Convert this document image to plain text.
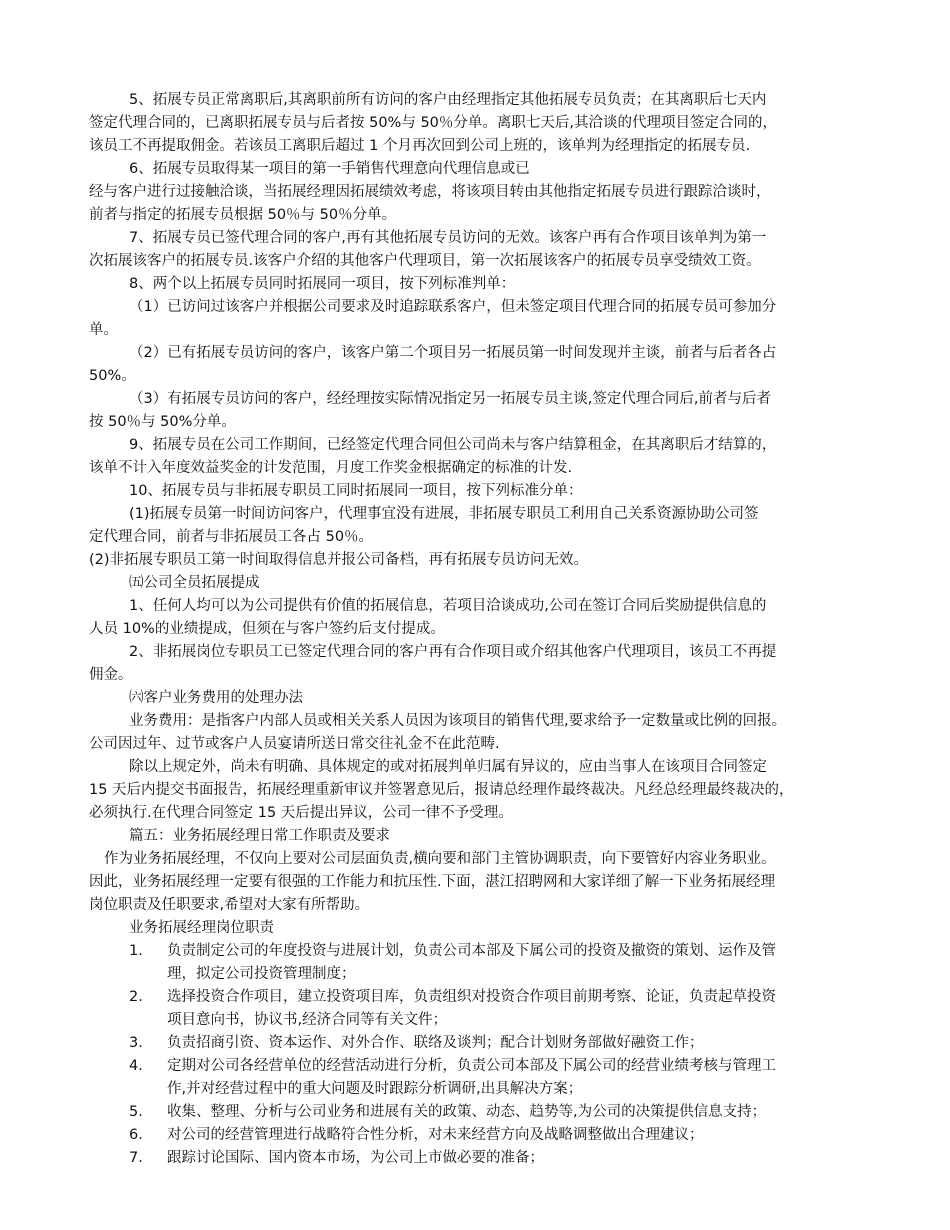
5、拓展专员正常离职后,其离职前所有访问的客户由经理指定其他拓展专员负责；在其离职后七天内
签定代理合同的，已离职拓展专员与后者按 50%与 50％分单。离职七天后,其洽谈的代理项目签定合同的，
该员工不再提取佣金。若该员工离职后超过 1 个月再次回到公司上班的，该单判为经理指定的拓展专员.
6、拓展专员取得某一项目的第一手销售代理意向代理信息或已
经与客户进行过接触洽谈，当拓展经理因拓展绩效考虑，将该项目转由其他指定拓展专员进行跟踪洽谈时，
前者与指定的拓展专员根据 50％与 50％分单。
7、拓展专员已签代理合同的客户,再有其他拓展专员访问的无效。该客户再有合作项目该单判为第一
次拓展该客户的拓展专员.该客户介绍的其他客户代理项目，第一次拓展该客户的拓展专员享受绩效工资。
8、两个以上拓展专员同时拓展同一项目，按下列标准判单：
（1）已访问过该客户并根据公司要求及时追踪联系客户，但未签定项目代理合同的拓展专员可参加分
单。
（2）已有拓展专员访问的客户，该客户第二个项目另一拓展员第一时间发现并主谈，前者与后者各占
50%。
（3）有拓展专员访问的客户，经经理按实际情况指定另一拓展专员主谈,签定代理合同后,前者与后者
按 50％与 50%分单。
9、拓展专员在公司工作期间，已经签定代理合同但公司尚未与客户结算租金，在其离职后才结算的，
该单不计入年度效益奖金的计发范围，月度工作奖金根据确定的标准的计发.
10、拓展专员与非拓展专职员工同时拓展同一项目，按下列标准分单：
(1)拓展专员第一时间访问客户，代理事宜没有进展，非拓展专职员工利用自己关系资源协助公司签
定代理合同，前者与非拓展员工各占 50％。
(2)非拓展专职员工第一时间取得信息并报公司备档，再有拓展专员访问无效。
㈤公司全员拓展提成
1、任何人均可以为公司提供有价值的拓展信息，若项目洽谈成功,公司在签订合同后奖励提供信息的
人员 10%的业绩提成，但须在与客户签约后支付提成。
2、非拓展岗位专职员工已签定代理合同的客户再有合作项目或介绍其他客户代理项目，该员工不再提
佣金。
㈥客户业务费用的处理办法
业务费用：是指客户内部人员或相关关系人员因为该项目的销售代理,要求给予一定数量或比例的回报。
公司因过年、过节或客户人员宴请所送日常交往礼金不在此范畴.
除以上规定外，尚未有明确、具体规定的或对拓展判单归属有异议的，应由当事人在该项目合同签定
15 天后内提交书面报告，拓展经理重新审议并签署意见后，报请总经理作最终裁决。凡经总经理最终裁决的，
必须执行.在代理合同签定 15 天后提出异议，公司一律不予受理。
篇五：业务拓展经理日常工作职责及要求
作为业务拓展经理，不仅向上要对公司层面负责,横向要和部门主管协调职责，向下要管好内容业务职业。
因此，业务拓展经理一定要有很强的工作能力和抗压性.下面，湛江招聘网和大家详细了解一下业务拓展经理
岗位职责及任职要求,希望对大家有所帮助。
业务拓展经理岗位职责
1． 负责制定公司的年度投资与进展计划，负责公司本部及下属公司的投资及撤资的策划、运作及管
理，拟定公司投资管理制度；
2． 选择投资合作项目，建立投资项目库，负责组织对投资合作项目前期考察、论证，负责起草投资
项目意向书，协议书,经济合同等有关文件；
3． 负责招商引资、资本运作、对外合作、联络及谈判；配合计划财务部做好融资工作；
4． 定期对公司各经营单位的经营活动进行分析，负责公司本部及下属公司的经营业绩考核与管理工
作,并对经营过程中的重大问题及时跟踪分析调研,出具解决方案；
5． 收集、整理、分析与公司业务和进展有关的政策、动态、趋势等,为公司的决策提供信息支持；
6． 对公司的经营管理进行战略符合性分析，对未来经营方向及战略调整做出合理建议；
7． 跟踪讨论国际、国内资本市场，为公司上市做必要的准备；
